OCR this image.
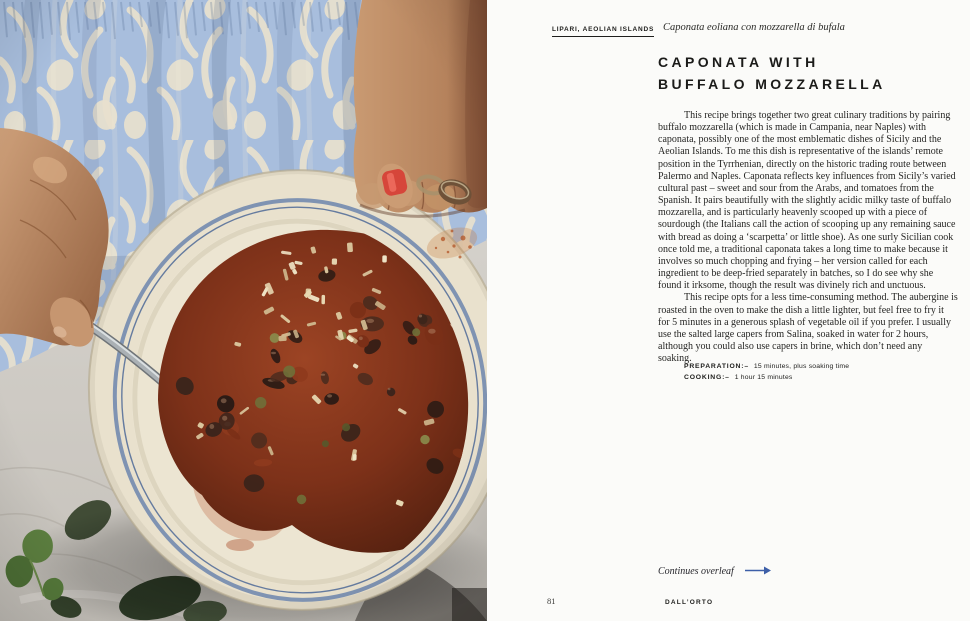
LIPARI, AEOLIAN ISLANDS Caponata eoliana con mozzarella di bufala
CAPONATA WITH
BUFFALO MOZZARELLA

This recipe brings together two great culinary traditions by pairing buffalo mozzarella (which is made in Campania, near Naples) with caponata, possibly one of the most emblematic dishes of Sicily and the Aeolian Islands. To me this dish is representative of the islands’ remote position in the Tyrrhenian, directly on the historic trading route between Palermo and Naples. Caponata reflects key influences from Sicily’s varied cultural past – sweet and sour from the Arabs, and tomatoes from the Spanish. It pairs beautifully with the slightly acidic milky taste of buffalo mozzarella, and is particularly heavenly scooped up with a piece of sourdough (the Italians call the action of scooping up any remaining sauce with bread as doing a ‘scarpetta’ or little shoe). As one surly Sicilian cook once told me, a traditional caponata takes a long time to make because it involves so much chopping and frying – her version called for each ingredient to be deep-fried separately in batches, so I do see why she found it irksome, though the result was divinely rich and unctuous.

This recipe opts for a less time-consuming method. The aubergine is roasted in the oven to make the dish a little lighter, but feel free to fry it for 5 minutes in a generous splash of vegetable oil if you prefer. I usually use the salted large capers from Salina, soaked in water for 2 hours, although you could also use capers in brine, which don’t need any soaking.

PREPARATION:– 15 minutes, plus soaking time
COOKING:– 1 hour 15 minutes
Continues overleaf
81	DALL’ORTO
